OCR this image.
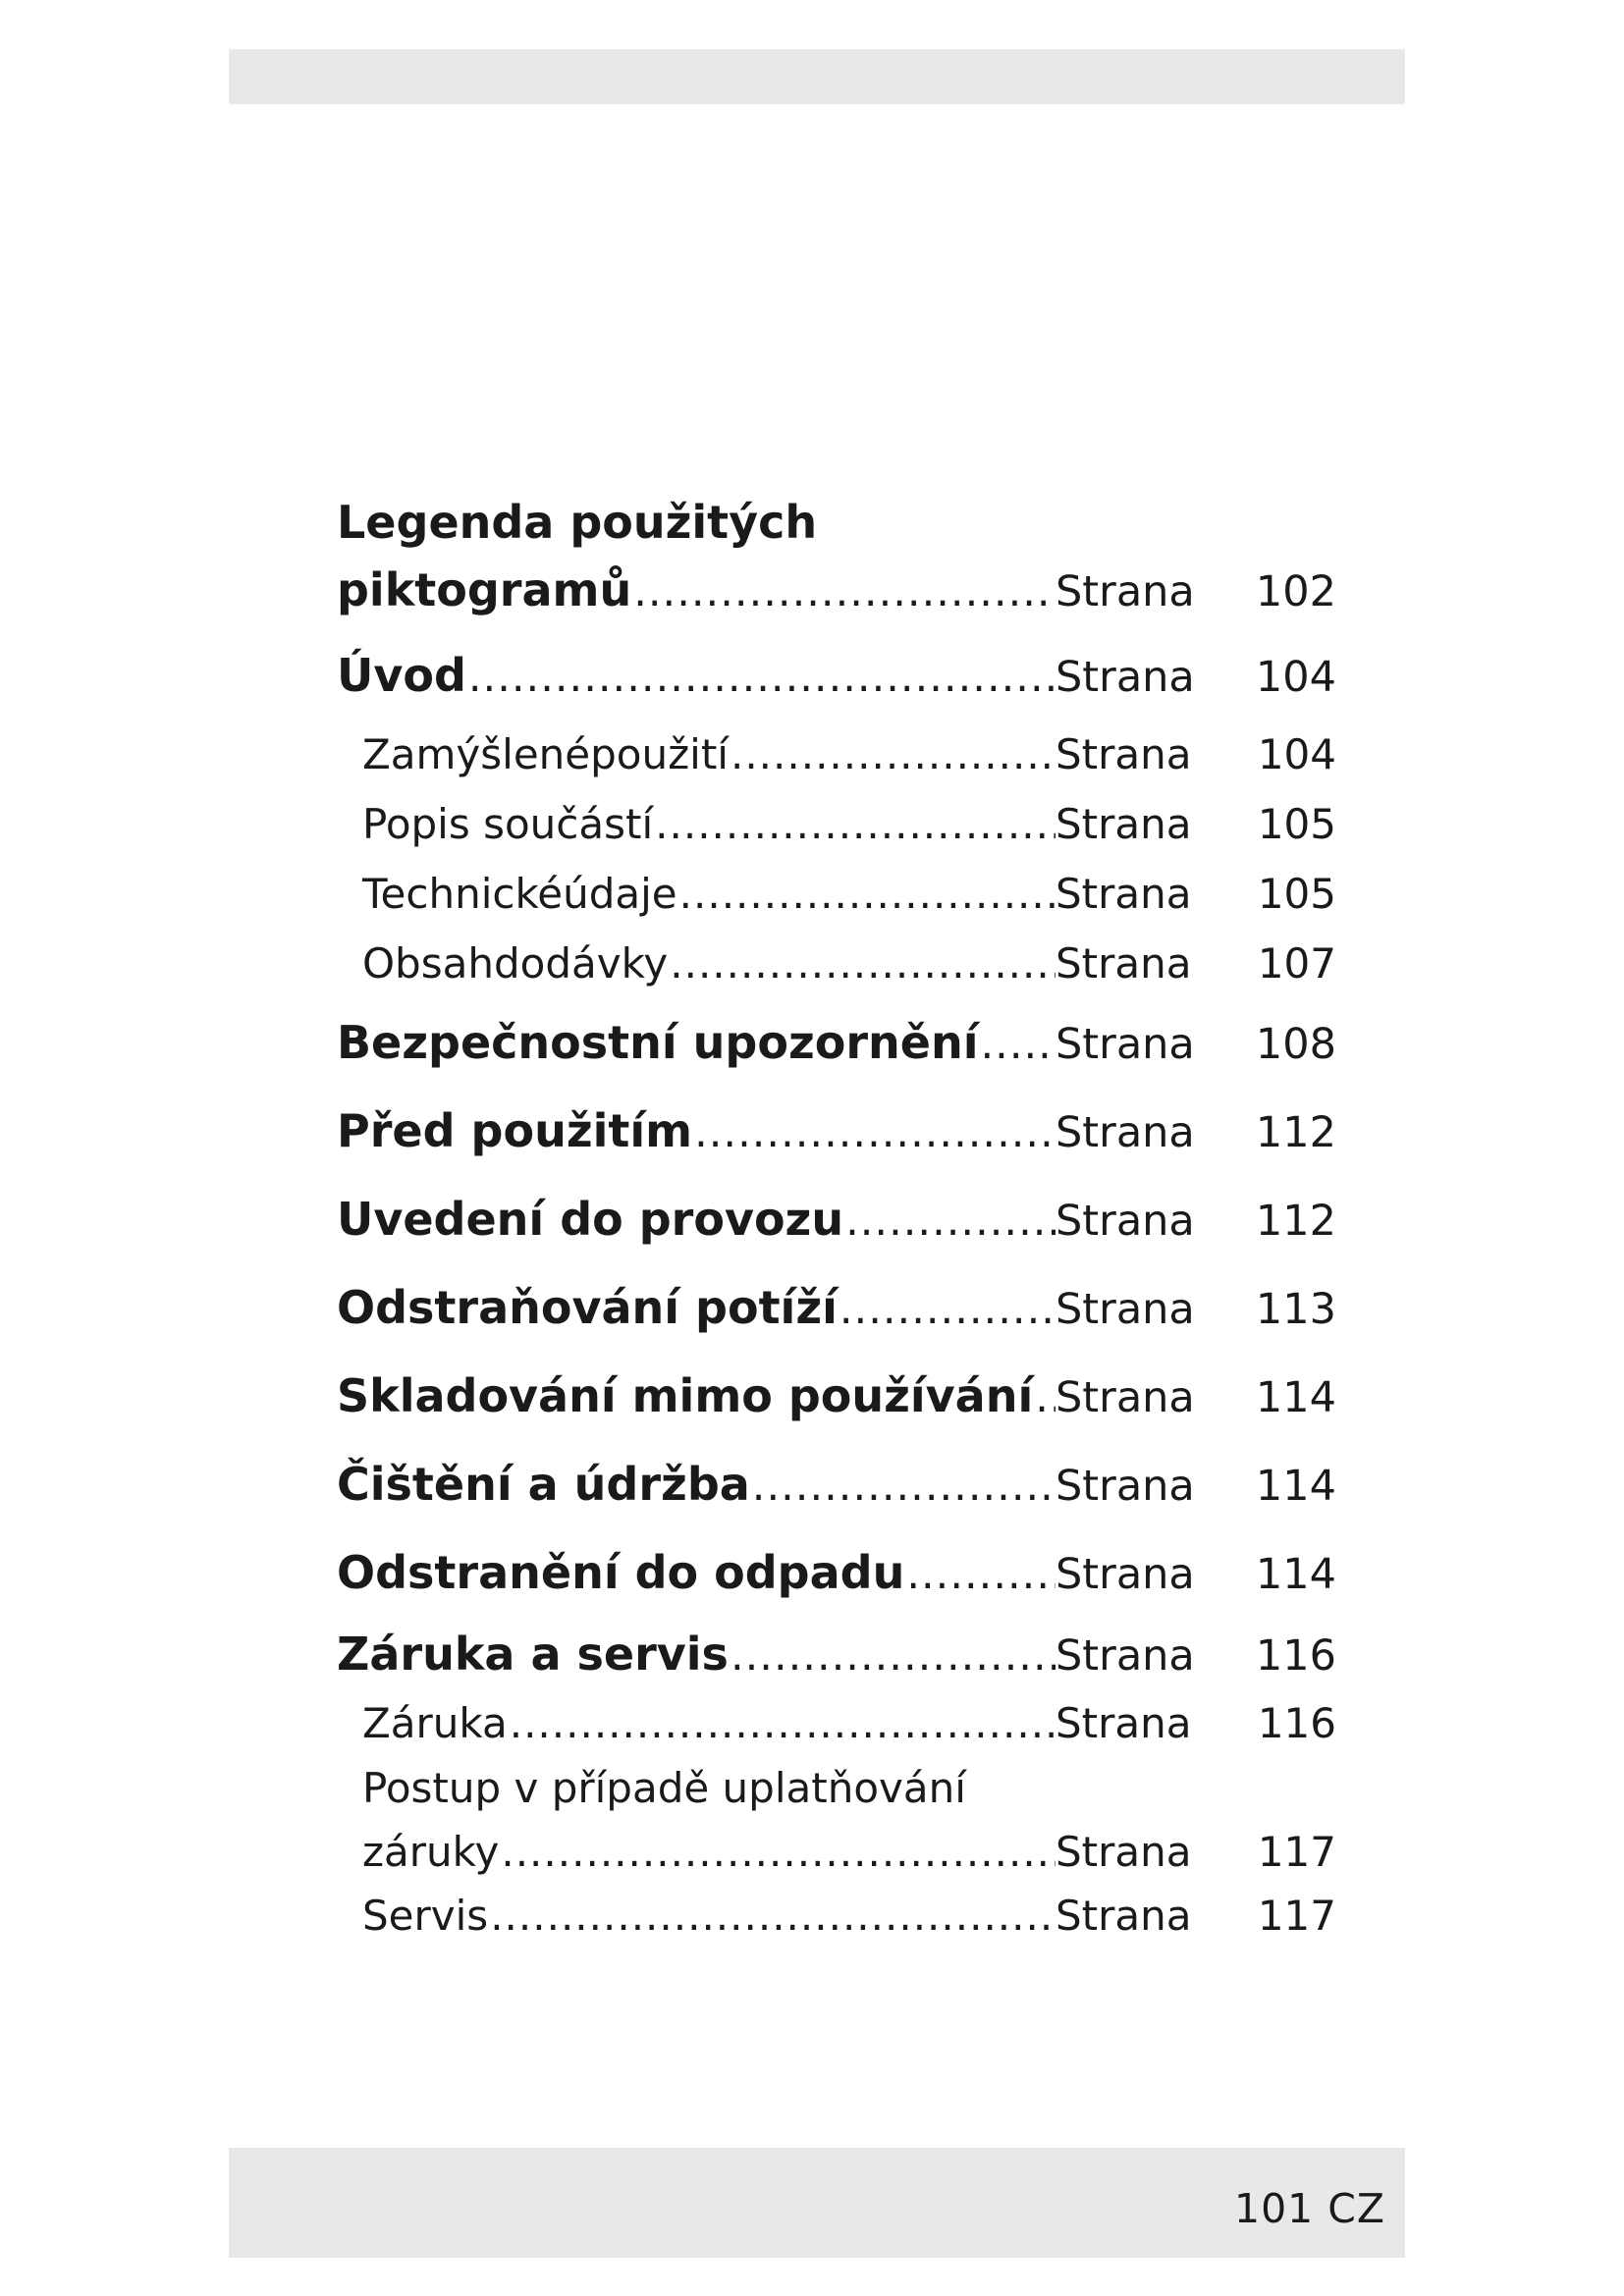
Legenda použitých
piktogramů .....	Strana	102
Úvod .....	Strana	104
Zamýšlenépoužití .....	Strana	104
Popis součástí .....	Strana	105
Technickéúdaje .....	Strana	105
Obsahdodávky .....	Strana	107
Bezpečnostní upozornění ..... Strana	108
Před použitím .....	Strana	112
Uvedení do provozu .....	Strana	112
Odstraňování potíží .....	Strana	113
Skladování mimo používání ..... Strana	114
Čištění a údržba .....	Strana	114
Odstranění do odpadu .....	Strana	114
Záruka a servis .....	Strana	116
Záruka .....	Strana	116
Postup v případě uplatňování
záruky .....	Strana	117
Servis .....	Strana	117
101 CZ
